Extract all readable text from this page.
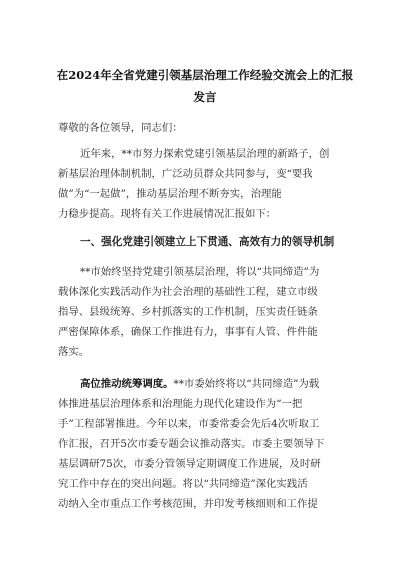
在2024年全省党建引领基层治理工作经验交流会上的汇报
发言
尊敬的各位领导，同志们：
近年来，**市努力探索党建引领基层治理的新路子，创
新基层治理体制机制，广泛动员群众共同参与，变“要我
做”为“一起做”，推动基层治理不断夯实，治理能
力稳步提高。现将有关工作进展情况汇报如下：
一、强化党建引领建立上下贯通、高效有力的领导机制
**市始终坚持党建引领基层治理，将以“共同缔造”为
载体深化实践活动作为社会治理的基础性工程，建立市级
指导、县级统筹、乡村抓落实的工作机制，压实责任链条
严密保障体系，确保工作推进有力，事事有人管、件件能
落实。
高位推动统筹调度。**市委始终将以“共同缔造”为载
体推进基层治理体系和治理能力现代化建设作为“一把
手”工程部署推进。今年以来，市委常委会先后4次听取工
作汇报，召开5次市委专题会议推动落实。市委主要领导下
基层调研75次，市委分管领导定期调度工作进展，及时研
究工作中存在的突出问题。将以“共同缔造”深化实践活
动纳入全市重点工作考核范围，并印发考核细则和工作提
